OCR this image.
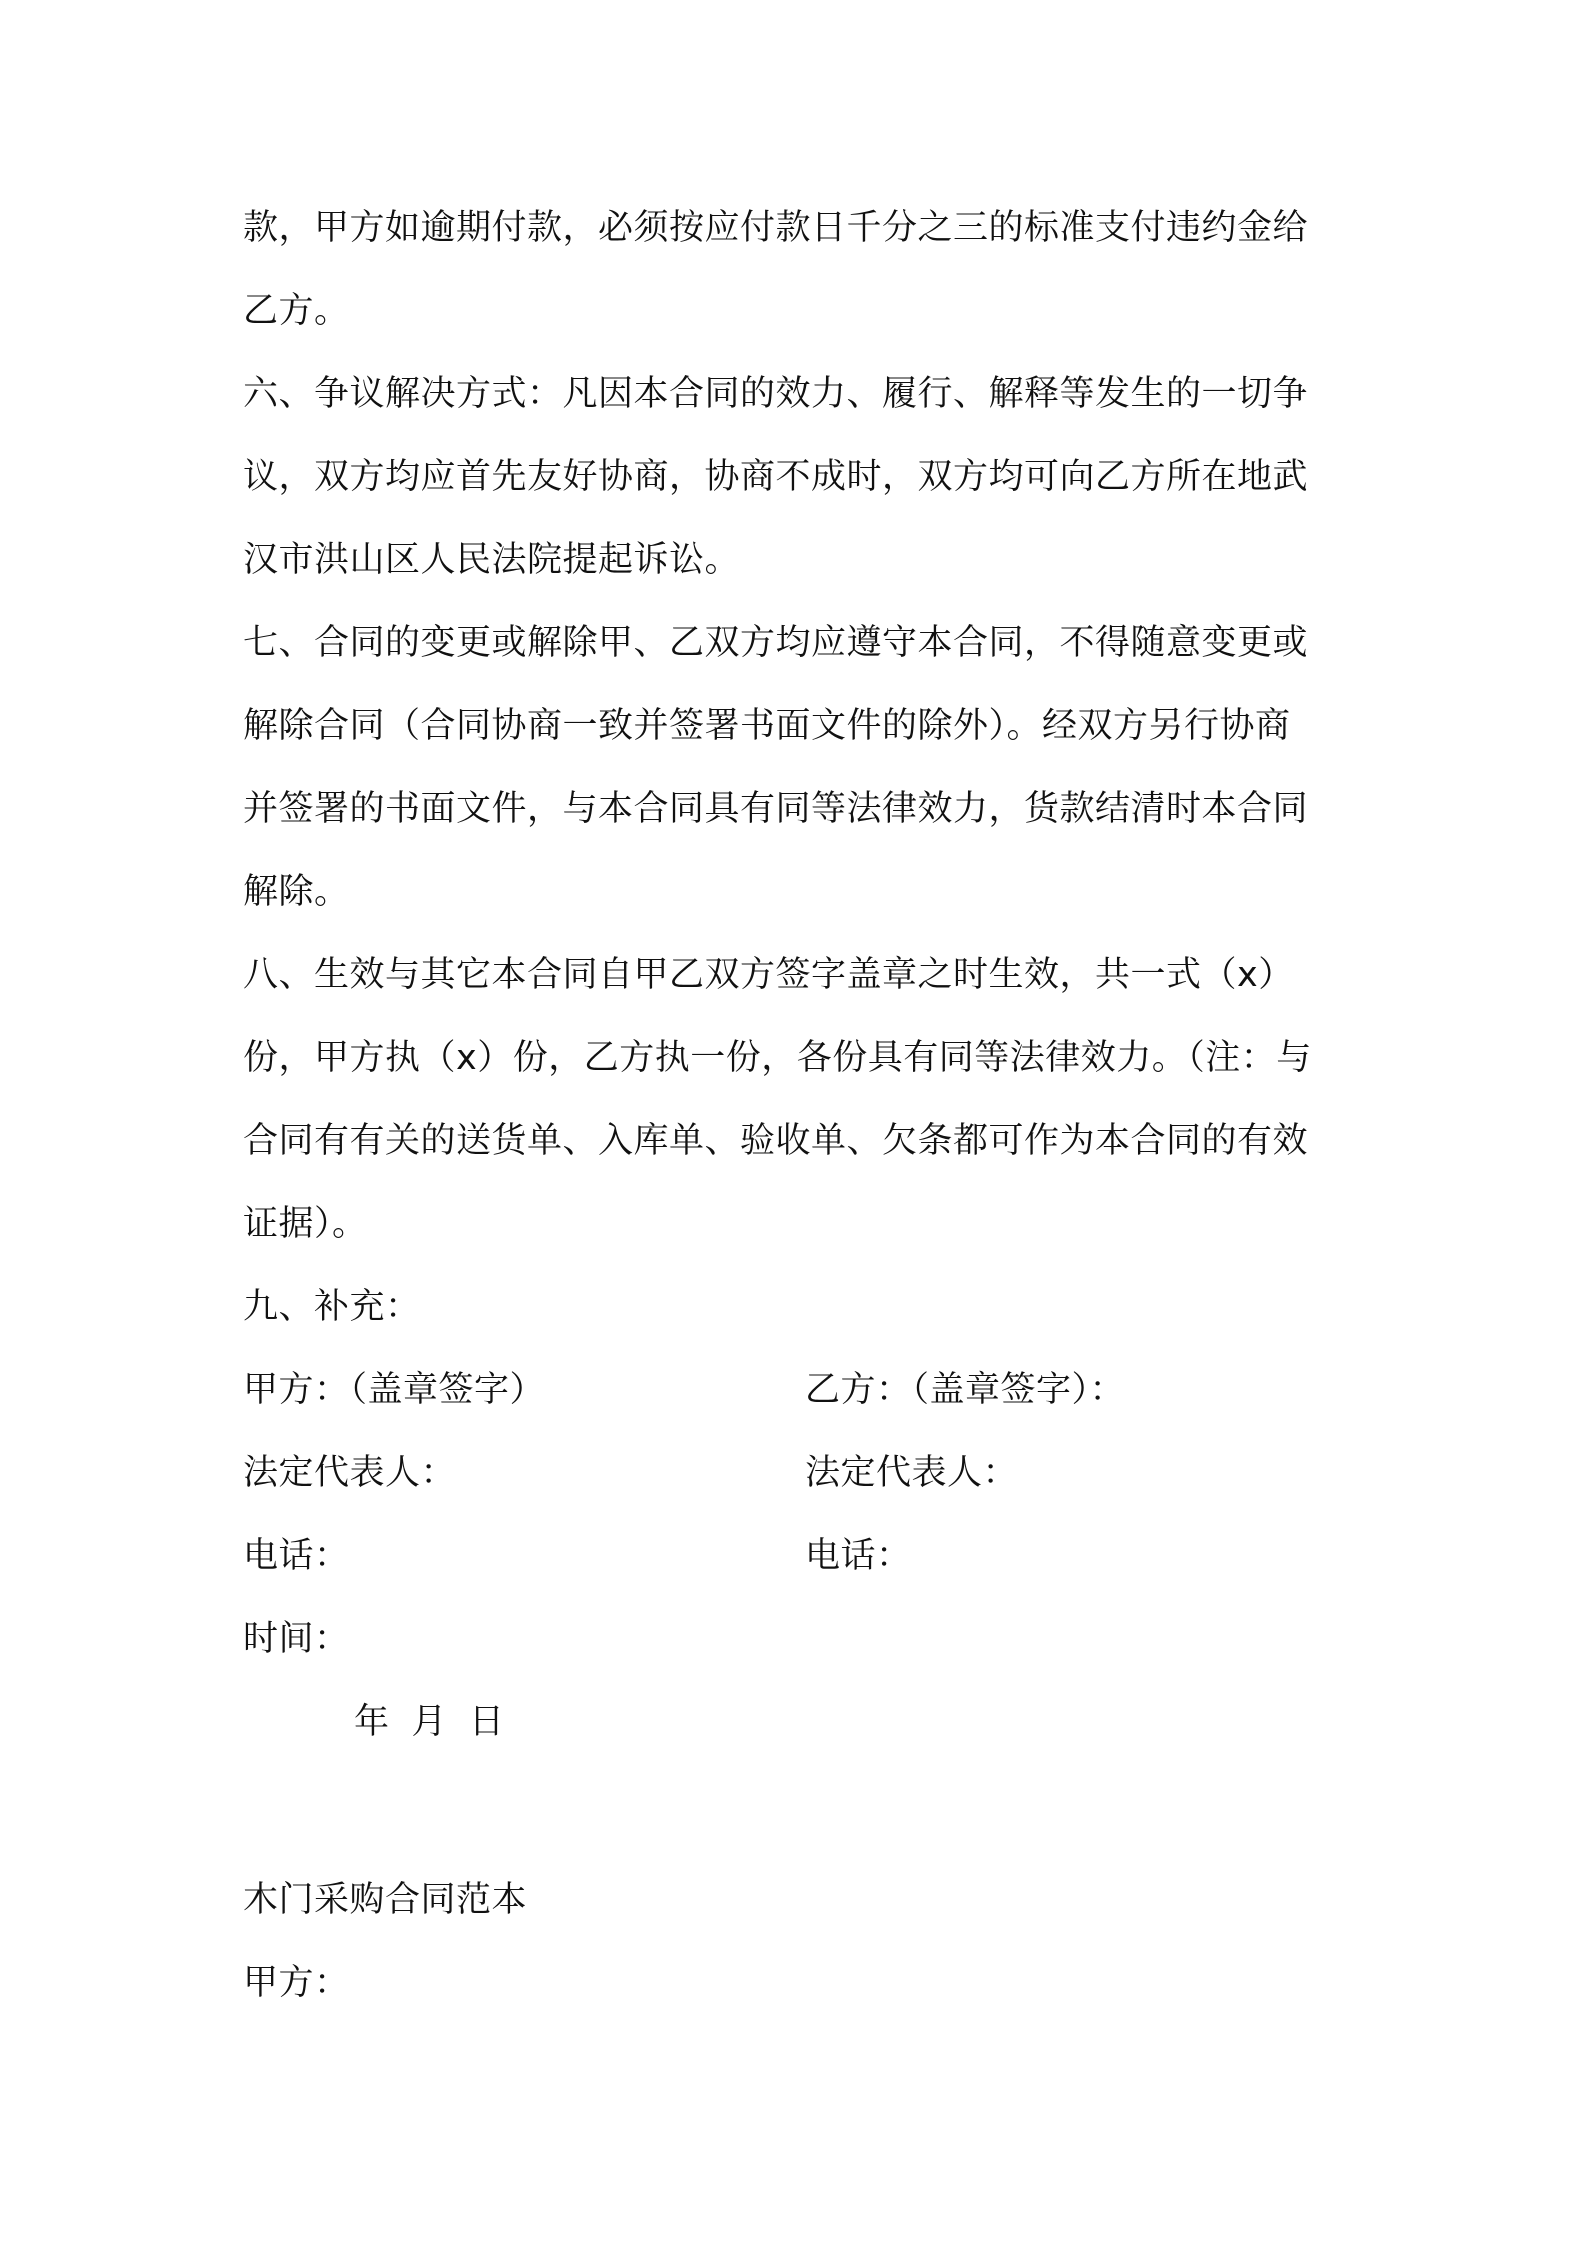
款，甲方如逾期付款，必须按应付款日千分之三的标准支付违约金给
乙方。
六、争议解决方式：凡因本合同的效力、履行、解释等发生的一切争
议，双方均应首先友好协商，协商不成时，双方均可向乙方所在地武
汉市洪山区人民法院提起诉讼。
七、合同的变更或解除甲、乙双方均应遵守本合同，不得随意变更或
解除合同（合同协商一致并签署书面文件的除外）。经双方另行协商
并签署的书面文件，与本合同具有同等法律效力，货款结清时本合同
解除。
八、生效与其它本合同自甲乙双方签字盖章之时生效，共一式（x）
份，甲方执（x）份，乙方执一份，各份具有同等法律效力。（注：与
合同有有关的送货单、入库单、验收单、欠条都可作为本合同的有效
证据）。
九、补充：
甲方：（盖章签字）	乙方：（盖章签字）：
法定代表人：	法定代表人：
电话：	电话：
时间：
年 月 日
木门采购合同范本
甲方：
